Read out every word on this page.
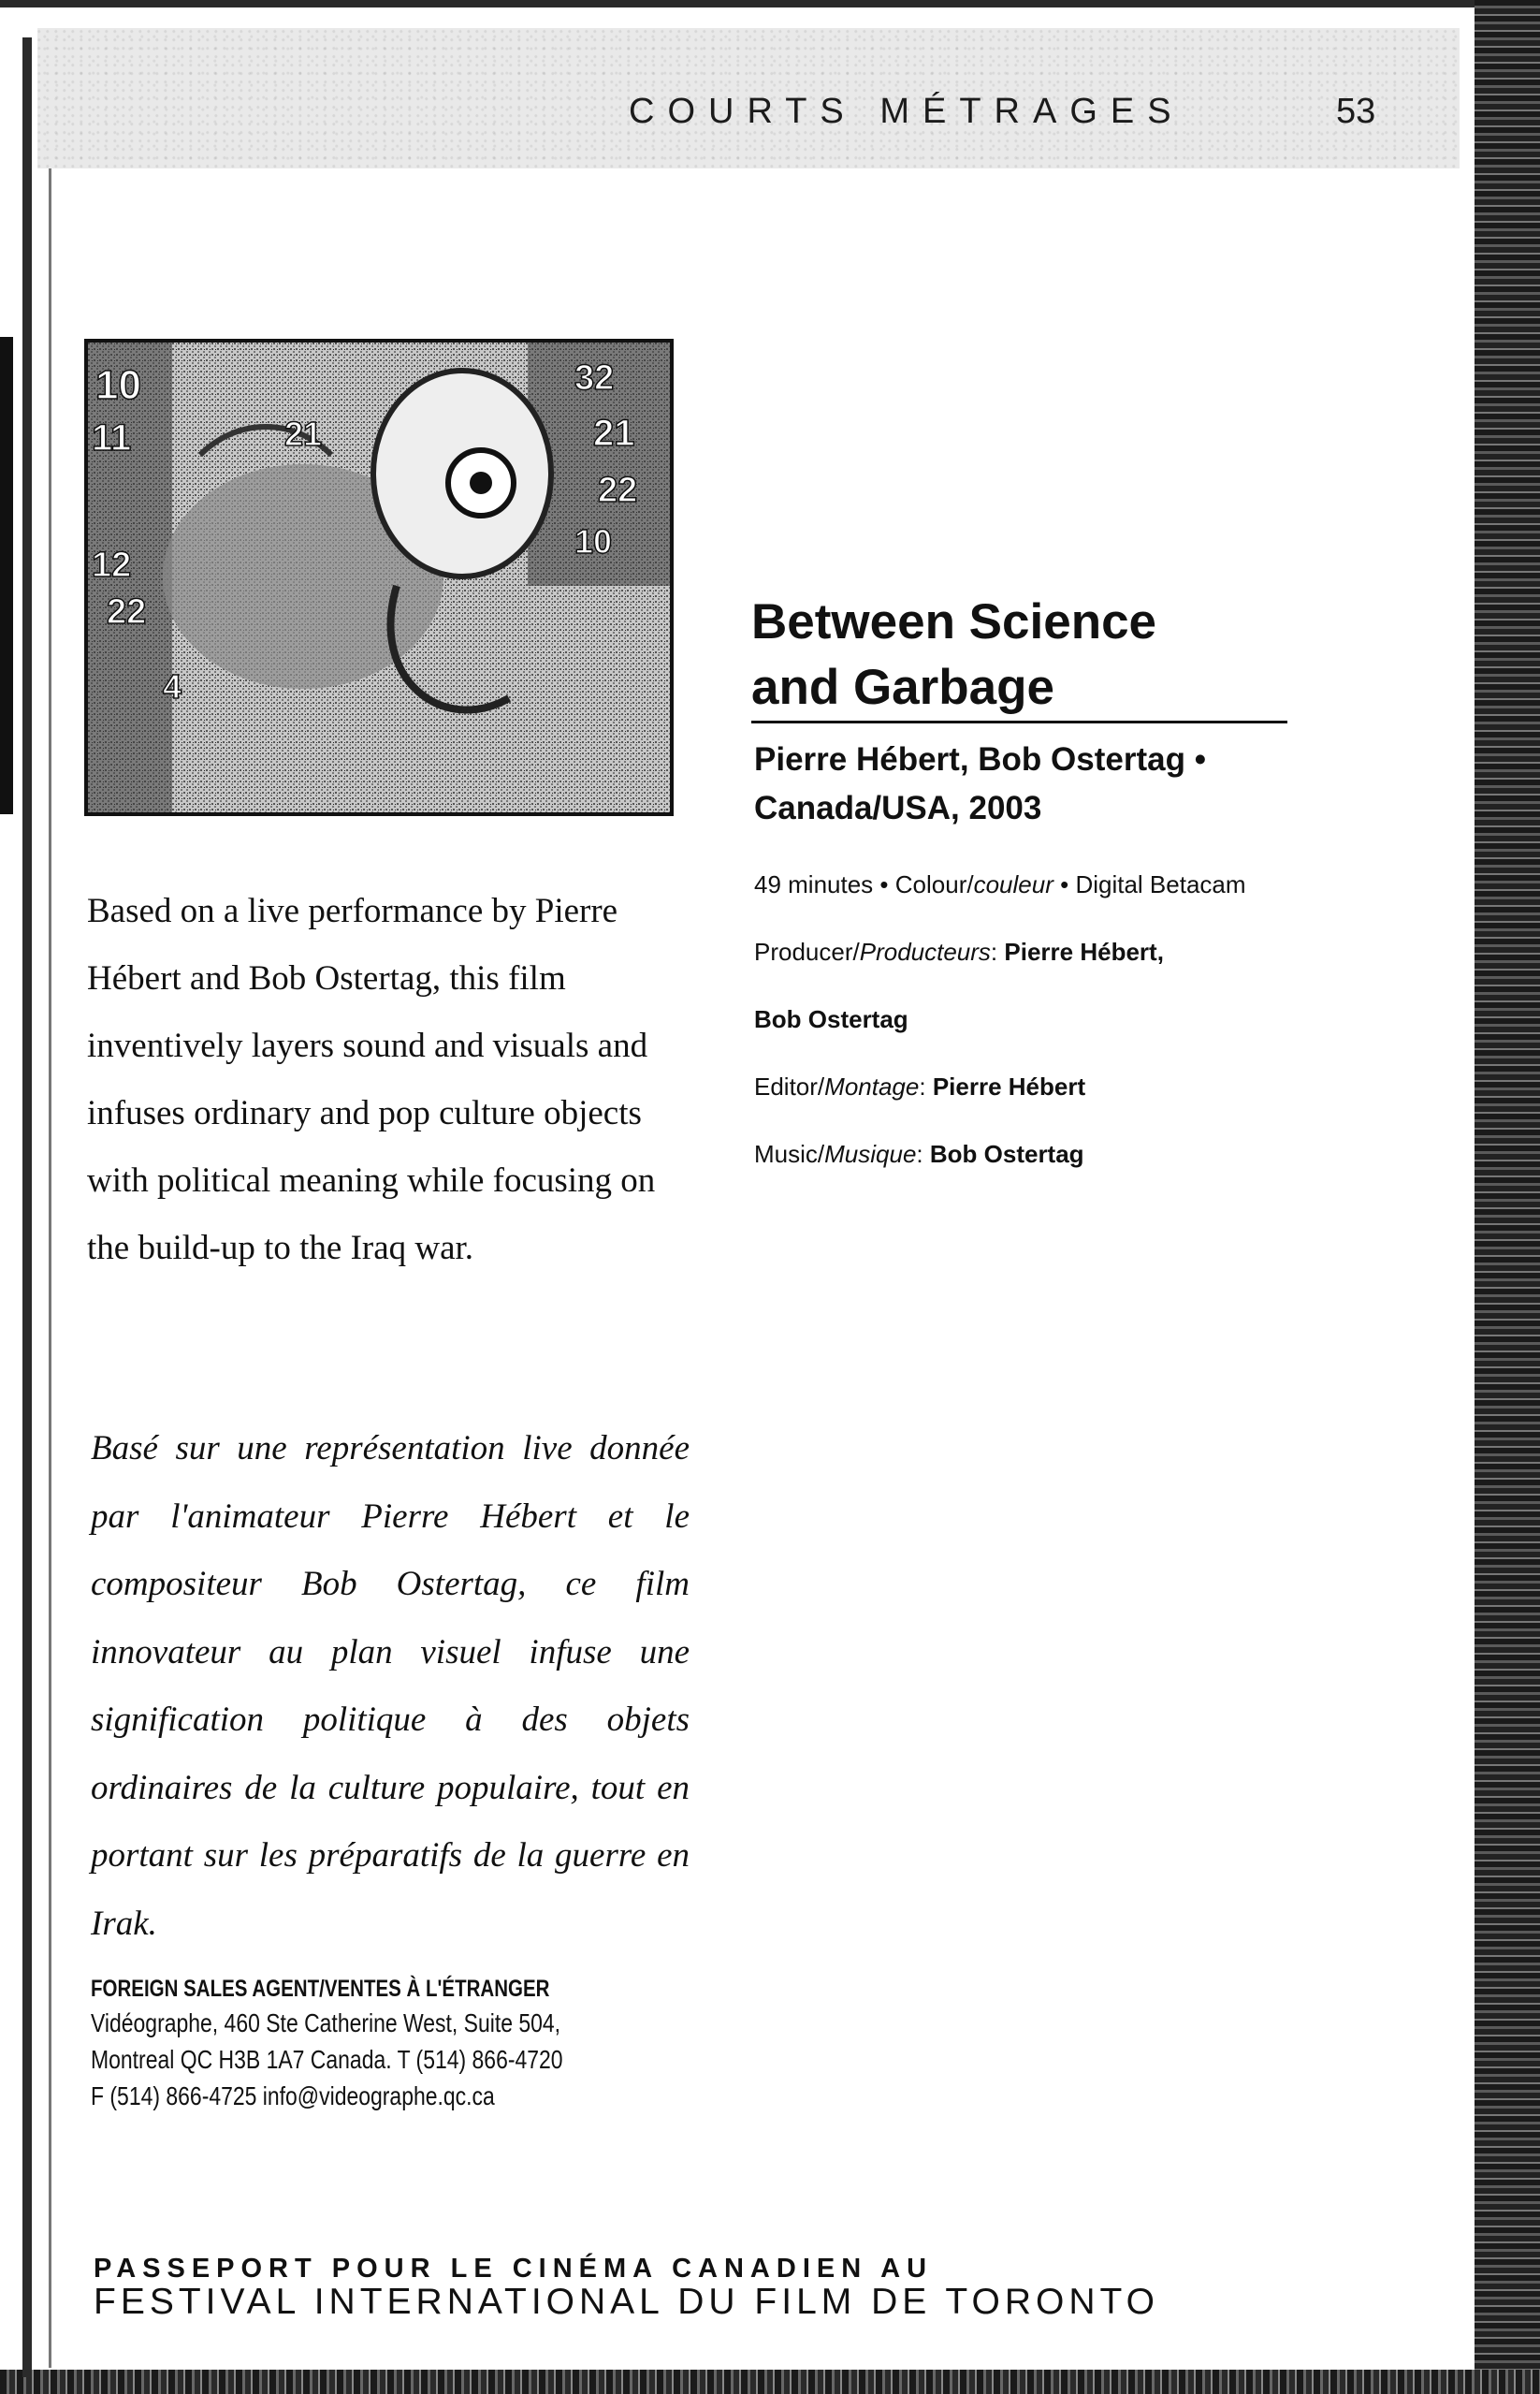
COURTS MÉTRAGES	53
10
11	21
32
21
22
10
12
22
4
Between Science
and Garbage
Pierre Hébert, Bob Ostertag •
Canada/USA, 2003
49 minutes • Colour/couleur • Digital Betacam
Producer/Producteurs: Pierre Hébert,
Bob Ostertag
Editor/Montage: Pierre Hébert
Music/Musique: Bob Ostertag

Based on a live performance by Pierre Hébert and Bob Ostertag, this film inventively layers sound and visuals and infuses ordinary and pop culture objects with political meaning while focusing on the build-up to the Iraq war.

Basé sur une représentation live donnée par l'animateur Pierre Hébert et le compositeur Bob Ostertag, ce film innovateur au plan visuel infuse une signification politique à des objets ordinaires de la culture populaire, tout en portant sur les préparatifs de la guerre en Irak.

FOREIGN SALES AGENT/VENTES À L'ÉTRANGER
Vidéographe, 460 Ste Catherine West, Suite 504,
Montreal QC H3B 1A7 Canada. T (514) 866-4720
F (514) 866-4725 info@videographe.qc.ca
PASSEPORT POUR LE CINÉMA CANADIEN AU
FESTIVAL INTERNATIONAL DU FILM DE TORONTO
